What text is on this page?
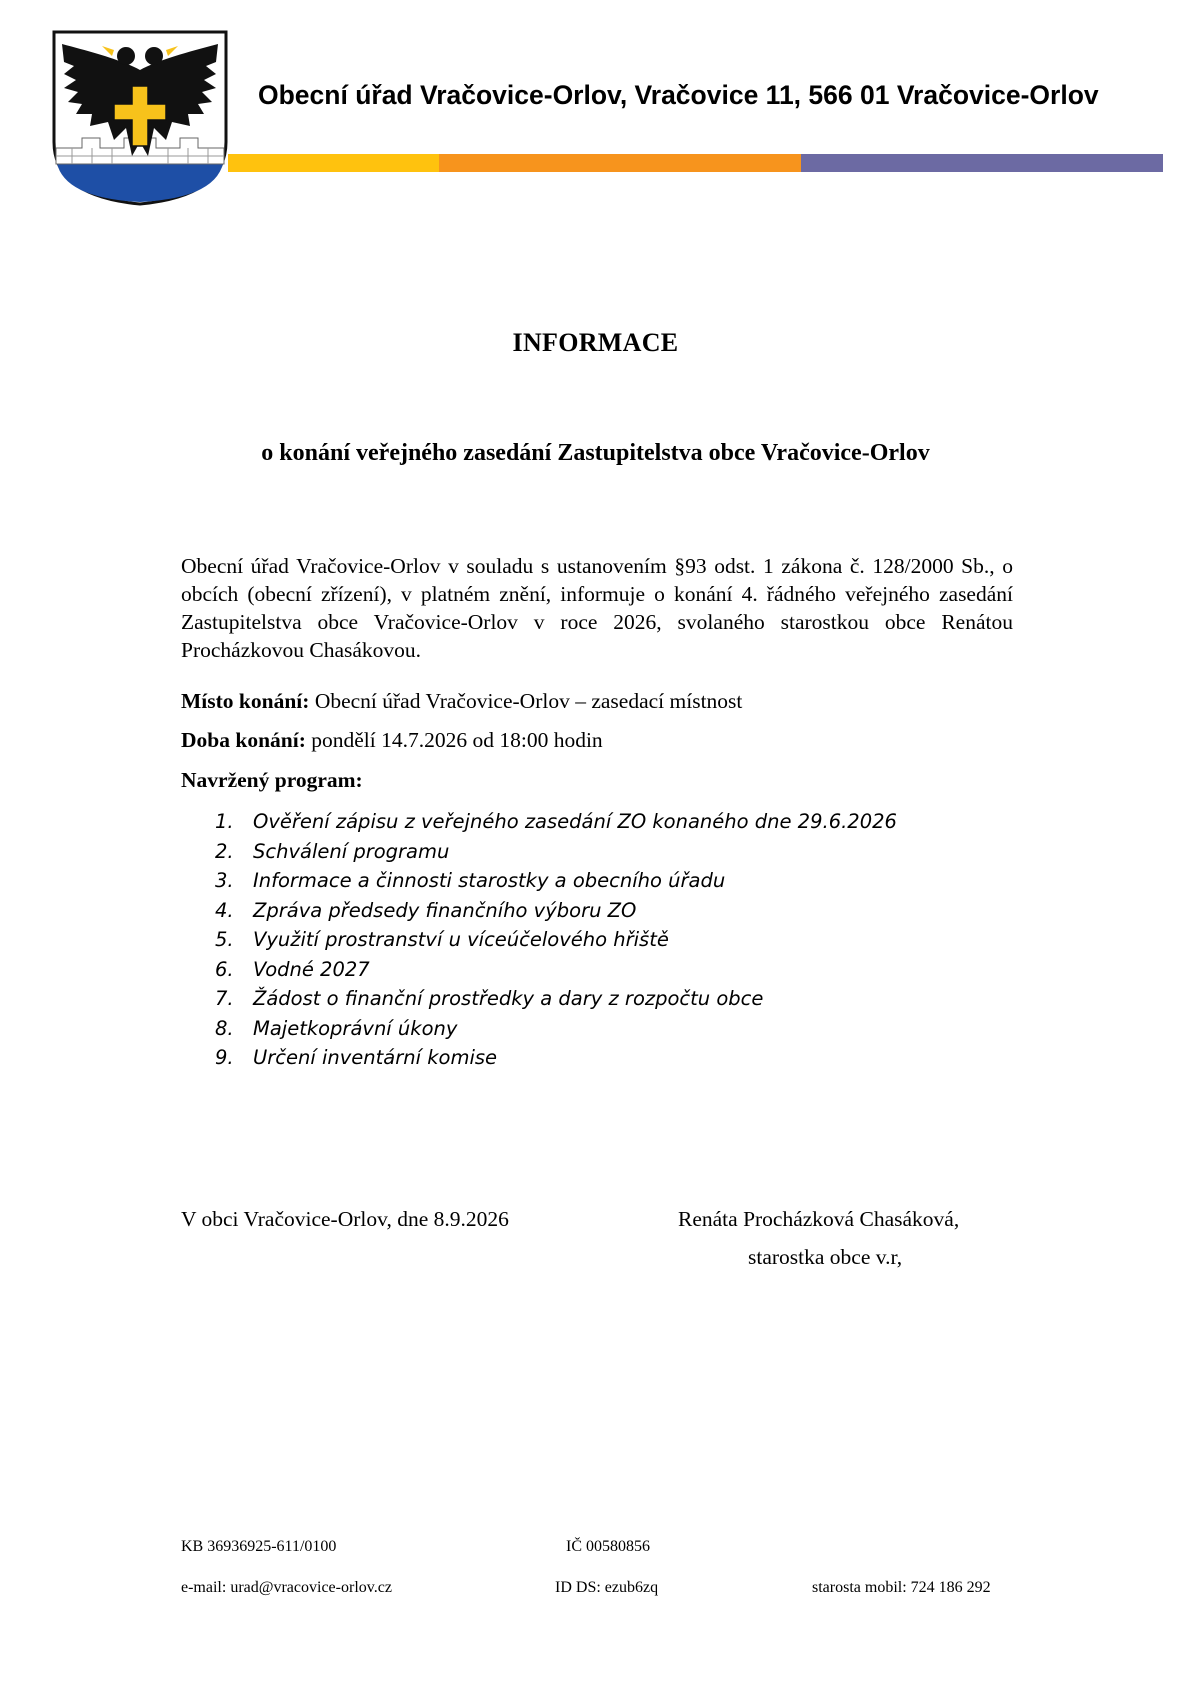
Obecní úřad Vračovice-Orlov, Vračovice 11, 566 01 Vračovice-Orlov
INFORMACE
o konání veřejného zasedání Zastupitelstva obce Vračovice-Orlov
Obecní úřad Vračovice-Orlov v souladu s ustanovením §93 odst. 1 zákona č. 128/2000 Sb., o obcích (obecní zřízení), v platném znění, informuje o konání 4. řádného veřejného zasedání Zastupitelstva obce Vračovice-Orlov v roce 2026, svolaného starostkou obce Renátou Procházkovou Chasákovou.
Místo konání: Obecní úřad Vračovice-Orlov – zasedací místnost
Doba konání: pondělí 14.7.2026 od 18:00 hodin
Navržený program:
1. Ověření zápisu z veřejného zasedání ZO konaného dne 29.6.2026
2. Schválení programu
3. Informace a činnosti starostky a obecního úřadu
4. Zpráva předsedy finančního výboru ZO
5. Využití prostranství u víceúčelového hřiště
6. Vodné 2027
7. Žádost o finanční prostředky a dary z rozpočtu obce
8. Majetkoprávní úkony
9. Určení inventární komise
V obci Vračovice-Orlov, dne 8.9.2026	Renáta Procházková Chasáková,
starostka obce v.r,
KB 36936925-611/0100	IČ 00580856
e-mail: urad@vracovice-orlov.cz	ID DS: ezub6zq	starosta mobil: 724 186 292
